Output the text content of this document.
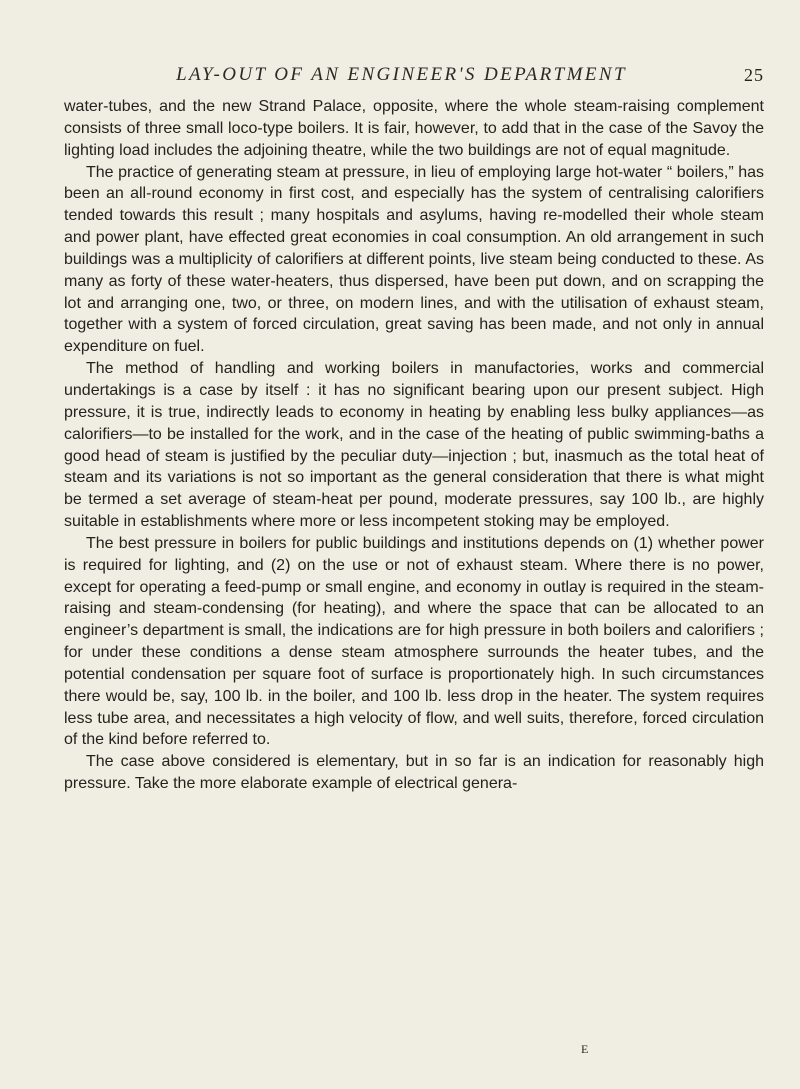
LAY-OUT OF AN ENGINEER'S DEPARTMENT	25

water-tubes, and the new Strand Palace, opposite, where the whole steam-raising complement consists of three small loco-type boilers. It is fair, however, to add that in the case of the Savoy the lighting load includes the adjoining theatre, while the two buildings are not of equal magnitude.

The practice of generating steam at pressure, in lieu of employing large hot-water “ boilers,” has been an all-round economy in first cost, and especially has the system of centralising calorifiers tended towards this result ; many hospitals and asylums, having re-modelled their whole steam and power plant, have effected great economies in coal consumption. An old arrangement in such buildings was a multiplicity of calorifiers at different points, live steam being conducted to these. As many as forty of these water-heaters, thus dispersed, have been put down, and on scrapping the lot and arranging one, two, or three, on modern lines, and with the utilisation of exhaust steam, together with a system of forced circulation, great saving has been made, and not only in annual expenditure on fuel.

The method of handling and working boilers in manufactories, works and commercial undertakings is a case by itself : it has no significant bearing upon our present subject. High pressure, it is true, indirectly leads to economy in heating by enabling less bulky appliances—as calorifiers—to be installed for the work, and in the case of the heating of public swimming-baths a good head of steam is justified by the peculiar duty—injection ; but, inasmuch as the total heat of steam and its variations is not so important as the general consideration that there is what might be termed a set average of steam-heat per pound, moderate pressures, say 100 lb., are highly suitable in establishments where more or less incompetent stoking may be employed.

The best pressure in boilers for public buildings and institutions depends on (1) whether power is required for lighting, and (2) on the use or not of exhaust steam. Where there is no power, except for operating a feed-pump or small engine, and economy in outlay is required in the steam-raising and steam-condensing (for heating), and where the space that can be allocated to an engineer’s department is small, the indications are for high pressure in both boilers and calorifiers ; for under these conditions a dense steam atmosphere surrounds the heater tubes, and the potential condensation per square foot of surface is proportionately high. In such circumstances there would be, say, 100 lb. in the boiler, and 100 lb. less drop in the heater. The system requires less tube area, and necessitates a high velocity of flow, and well suits, therefore, forced circulation of the kind before referred to.

The case above considered is elementary, but in so far is an indication for reasonably high pressure. Take the more elaborate example of electrical genera-

E
